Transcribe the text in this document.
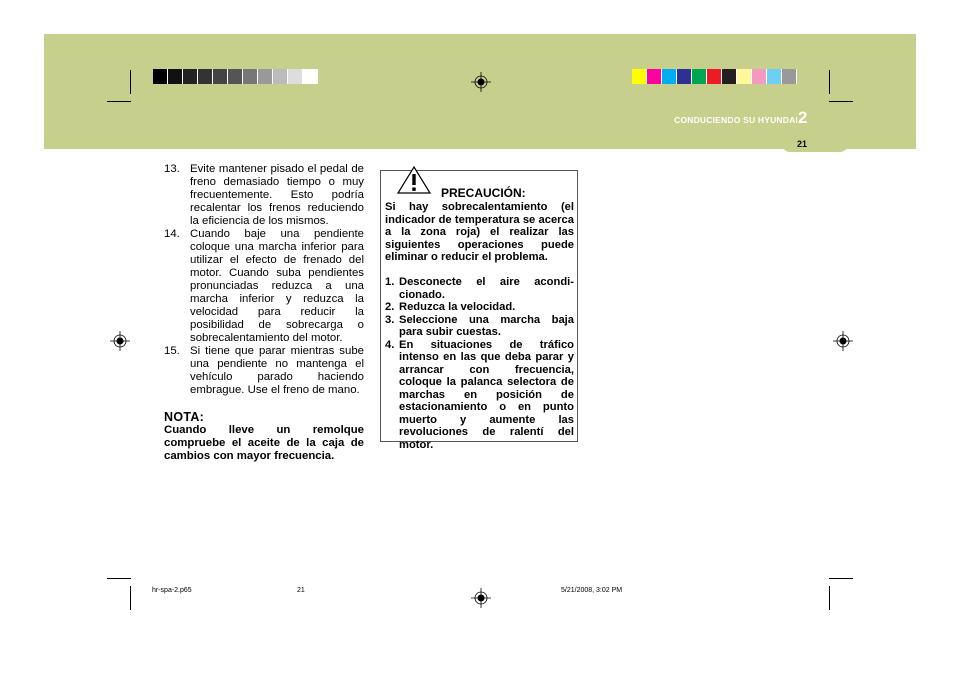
CONDUCIENDO SU HYUNDAI 2
21
13. Evite mantener pisado el pedal de freno demasiado tiempo o muy frecuentemente. Esto podría recalentar los frenos reduciendo la eficiencia de los mismos.
14. Cuando baje una pendiente coloque una marcha inferior para utilizar el efecto de frenado del motor. Cuando suba pendientes pronunciadas reduzca a una marcha inferior y reduzca la velocidad para reducir la posibilidad de sobrecarga o sobrecalentamiento del motor.
15. Si tiene que parar mientras sube una pendiente no mantenga el vehículo parado haciendo embrague. Use el freno de mano.
NOTA:
Cuando lleve un remolque compruebe el aceite de la caja de cambios con mayor frecuencia.
PRECAUCIÓN:
Si hay sobrecalentamiento (el indicador de temperatura se acerca a la zona roja) el realizar las siguientes operaciones puede eliminar o reducir el problema.
1. Desconecte el aire acondi- cionado.
2. Reduzca la velocidad.
3. Seleccione una marcha baja para subir cuestas.
4. En situaciones de tráfico intenso en las que deba parar y arrancar con frecuencia, coloque la palanca selectora de marchas en posición de estacionamiento o en punto muerto y aumente las revoluciones de ralentí del motor.
hr-spa-2.p65	21	5/21/2008, 3:02 PM
